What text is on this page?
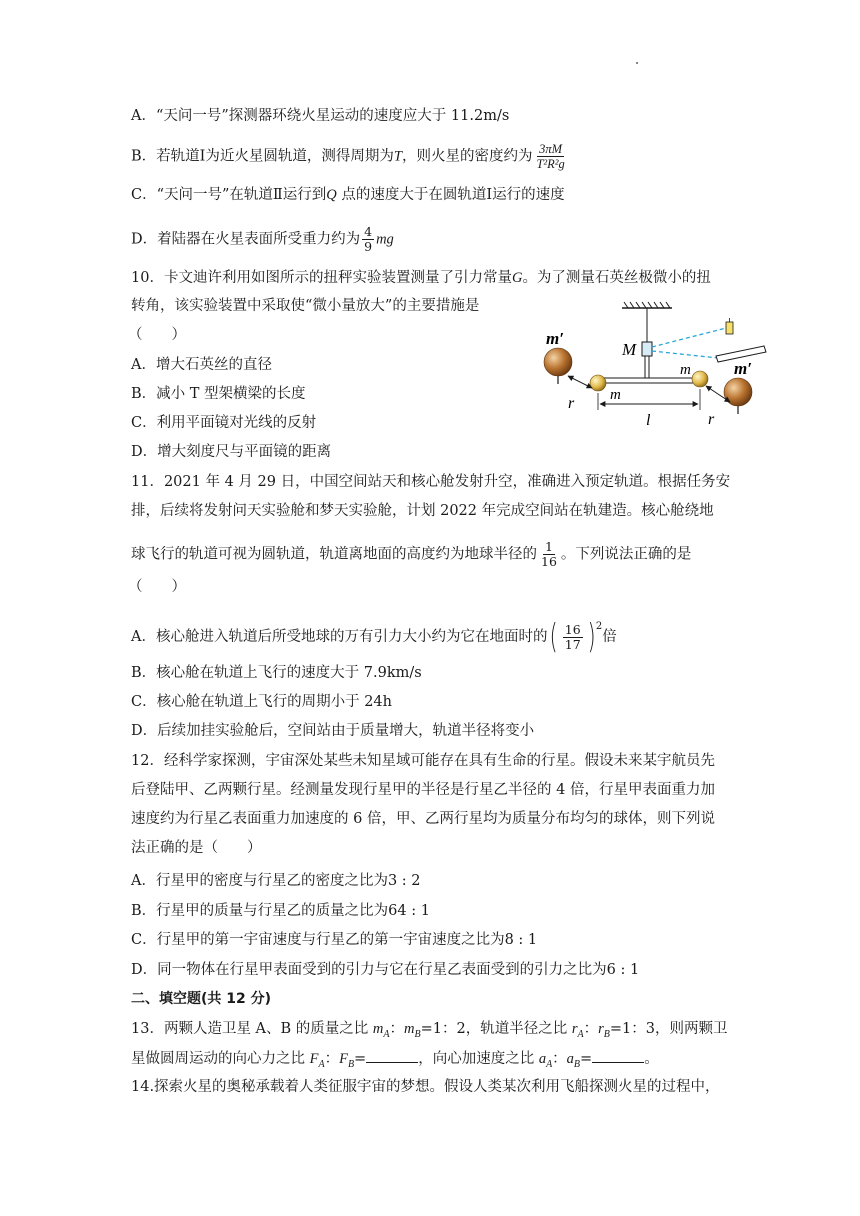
A．“天问一号”探测器环绕火星运动的速度应大于 11.2m/s
B．若轨道Ⅰ为近火星圆轨道，测得周期为T，则火星的密度约为 $\frac{3\pi M}{\text{T²R²g}}$
C．“天问一号”在轨道Ⅱ运行到Q 点的速度大于在圆轨道Ⅰ运行的速度
D．着陆器在火星表面所受重力约为 $\frac{4}{9}$ mg
10．卡文迪许利用如图所示的扭秤实验装置测量了引力常量G。为了测量石英丝极微小的扭
转角，该实验装置中采取使“微小量放大”的主要措施是
（　　）
A．增大石英丝的直径
B．减小 T 型架横梁的长度
C．利用平面镜对光线的反射
D．增大刻度尺与平面镜的距离
m′
M
m	m′
m
r
l	r
11．2021 年 4 月 29 日，中国空间站天和核心舱发射升空，准确进入预定轨道。根据任务安
排，后续将发射问天实验舱和梦天实验舱，计划 2022 年完成空间站在轨建造。核心舱绕地
球飞行的轨道可视为圆轨道，轨道离地面的高度约为地球半径的 $\frac{1}{16}$ 。下列说法正确的是
（　　）
A．核心舱进入轨道后所受地球的万有引力大小约为它在地面时的 ( $\frac{16}{17} )^2$
倍
B．核心舱在轨道上飞行的速度大于 7.9km/s
C．核心舱在轨道上飞行的周期小于 24h
D．后续加挂实验舱后，空间站由于质量增大，轨道半径将变小
12．经科学家探测，宇宙深处某些未知星域可能存在具有生命的行星。假设未来某宇航员先
后登陆甲、乙两颗行星。经测量发现行星甲的半径是行星乙半径的 4 倍，行星甲表面重力加
速度约为行星乙表面重力加速度的 6 倍，甲、乙两行星均为质量分布均匀的球体，则下列说
法正确的是（　　）
A．行星甲的密度与行星乙的密度之比为3 : 2
B．行星甲的质量与行星乙的质量之比为64 : 1
C．行星甲的第一宇宙速度与行星乙的第一宇宙速度之比为8 : 1
D．同一物体在行星甲表面受到的引力与它在行星乙表面受到的引力之比为6 : 1
二、填空题(共 12 分)
13．两颗人造卫星 A、B 的质量之比 $m_A$：$m_B=1$：2，轨道半径之比 $r_A$：$r_B=1$：3，则两颗卫
星做圆周运动的向心力之比 $F_A$：$F_B=$	，向心加速度之比 $a_A$：$a_B=$	。
14.探索火星的奥秘承载着人类征服宇宙的梦想。假设人类某次利用飞船探测火星的过程中，
